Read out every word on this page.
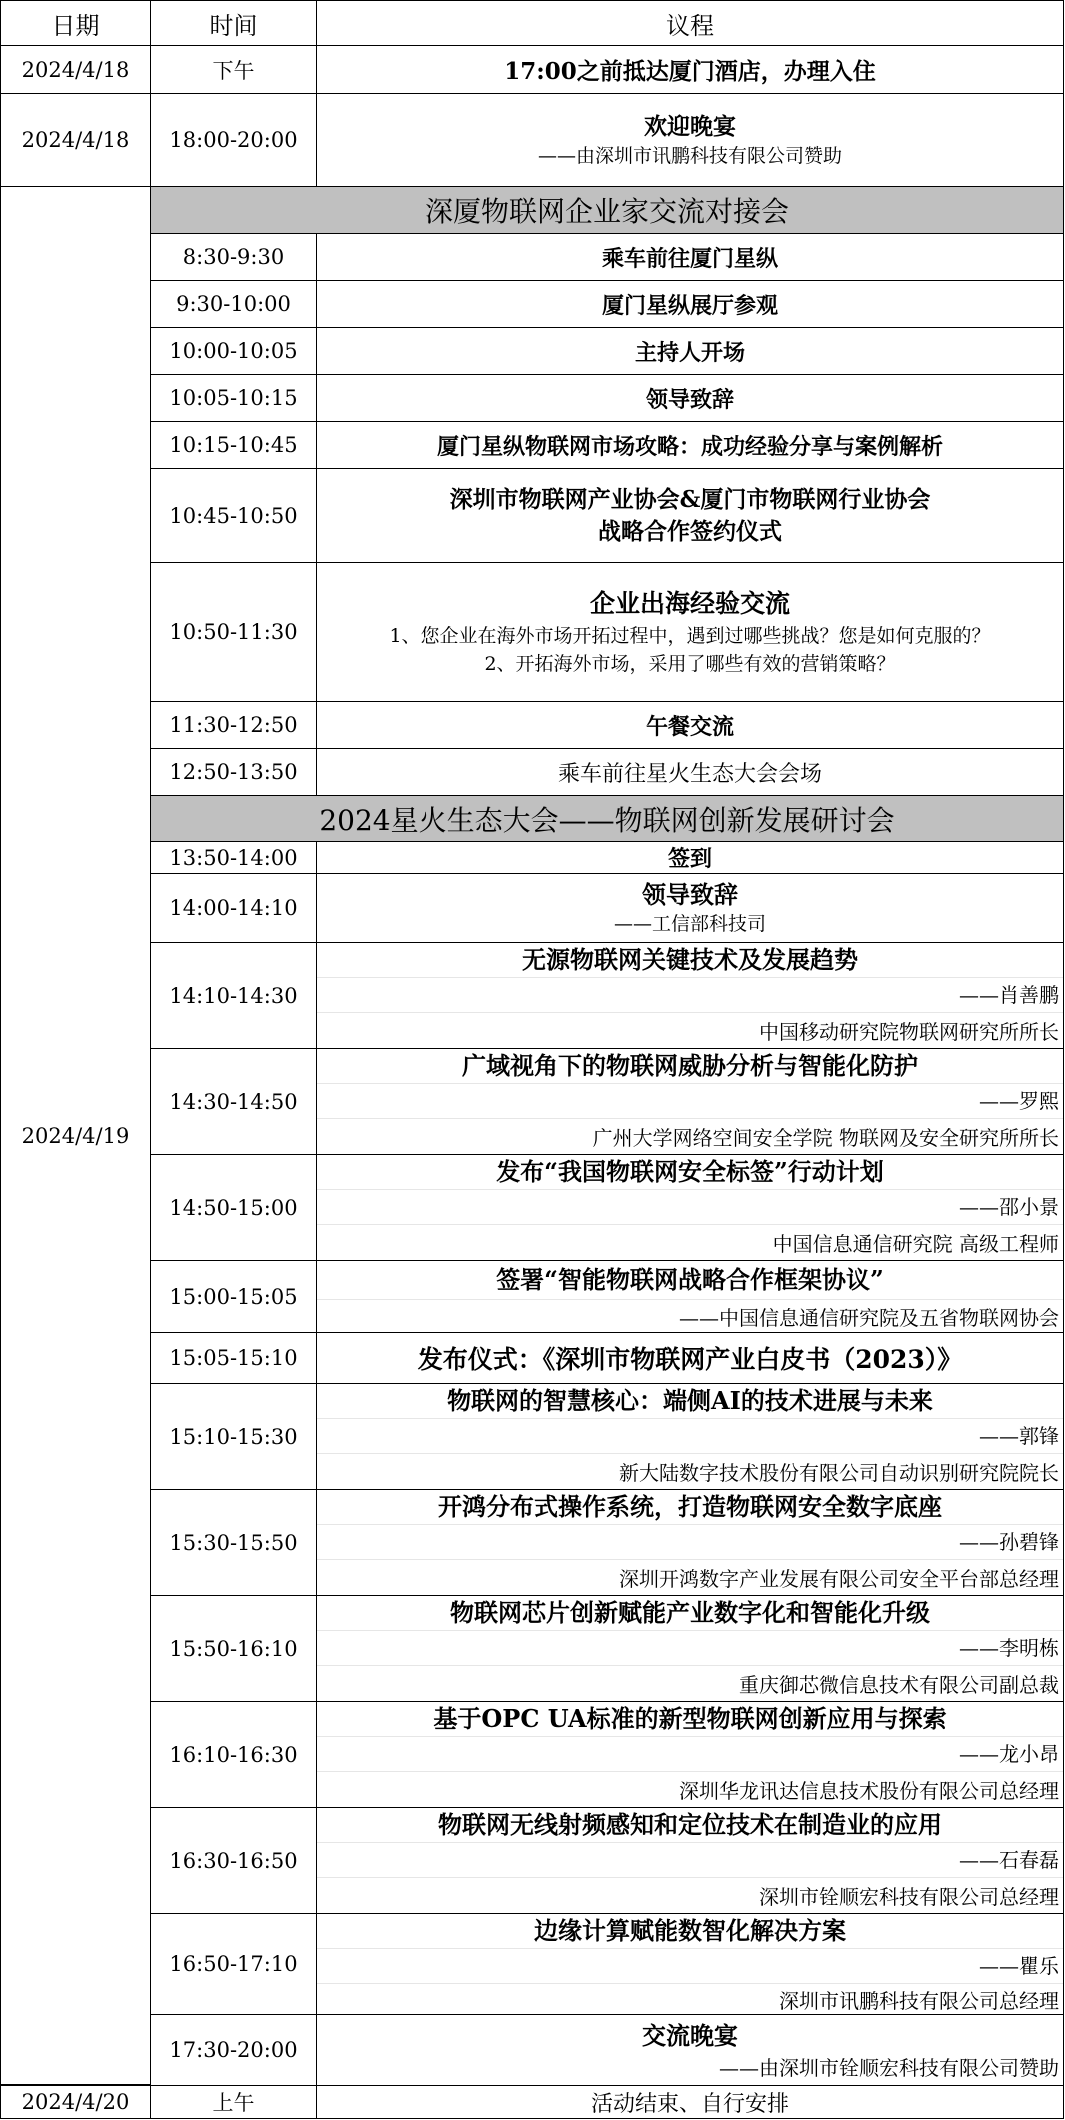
日期	时间	议程
2024/4/18	下午	17:00之前抵达厦门酒店，办理入住
2024/4/18	18:00-20:00	欢迎晚宴
——由深圳市讯鹏科技有限公司赞助
2024/4/19
深厦物联网企业家交流对接会
8:30-9:30	乘车前往厦门星纵
9:30-10:00	厦门星纵展厅参观
10:00-10:05	主持人开场
10:05-10:15	领导致辞
10:15-10:45	厦门星纵物联网市场攻略：成功经验分享与案例解析
10:45-10:50
深圳市物联网产业协会&厦门市物联网行业协会
战略合作签约仪式
10:50-11:30
企业出海经验交流
1、您企业在海外市场开拓过程中，遇到过哪些挑战？您是如何克服的？
2、开拓海外市场，采用了哪些有效的营销策略？
11:30-12:50	午餐交流
12:50-13:50	乘车前往星火生态大会会场
2024星火生态大会——物联网创新发展研讨会
13:50-14:00	签到
14:00-14:10	领导致辞
——工信部科技司
14:10-14:30
无源物联网关键技术及发展趋势
——肖善鹏
中国移动研究院物联网研究所所长
14:30-14:50
广域视角下的物联网威胁分析与智能化防护
——罗熙
广州大学网络空间安全学院 物联网及安全研究所所长
14:50-15:00
发布“我国物联网安全标签”行动计划
——邵小景
中国信息通信研究院 高级工程师
15:00-15:05
签署“智能物联网战略合作框架协议”
——中国信息通信研究院及五省物联网协会
15:05-15:10	发布仪式：《深圳市物联网产业白皮书（2023）》
15:10-15:30
物联网的智慧核心：端侧AI的技术进展与未来
——郭锋
新大陆数字技术股份有限公司自动识别研究院院长
15:30-15:50
开鸿分布式操作系统，打造物联网安全数字底座
——孙碧锋
深圳开鸿数字产业发展有限公司安全平台部总经理
15:50-16:10
物联网芯片创新赋能产业数字化和智能化升级
——李明栋
重庆御芯微信息技术有限公司副总裁
16:10-16:30
基于OPC UA标准的新型物联网创新应用与探索
——龙小昂
深圳华龙讯达信息技术股份有限公司总经理
16:30-16:50
物联网无线射频感知和定位技术在制造业的应用
——石春磊
深圳市铨顺宏科技有限公司总经理
16:50-17:10
边缘计算赋能数智化解决方案
——瞿乐
深圳市讯鹏科技有限公司总经理
17:30-20:00
交流晚宴
——由深圳市铨顺宏科技有限公司赞助
2024/4/20	上午	活动结束、自行安排
